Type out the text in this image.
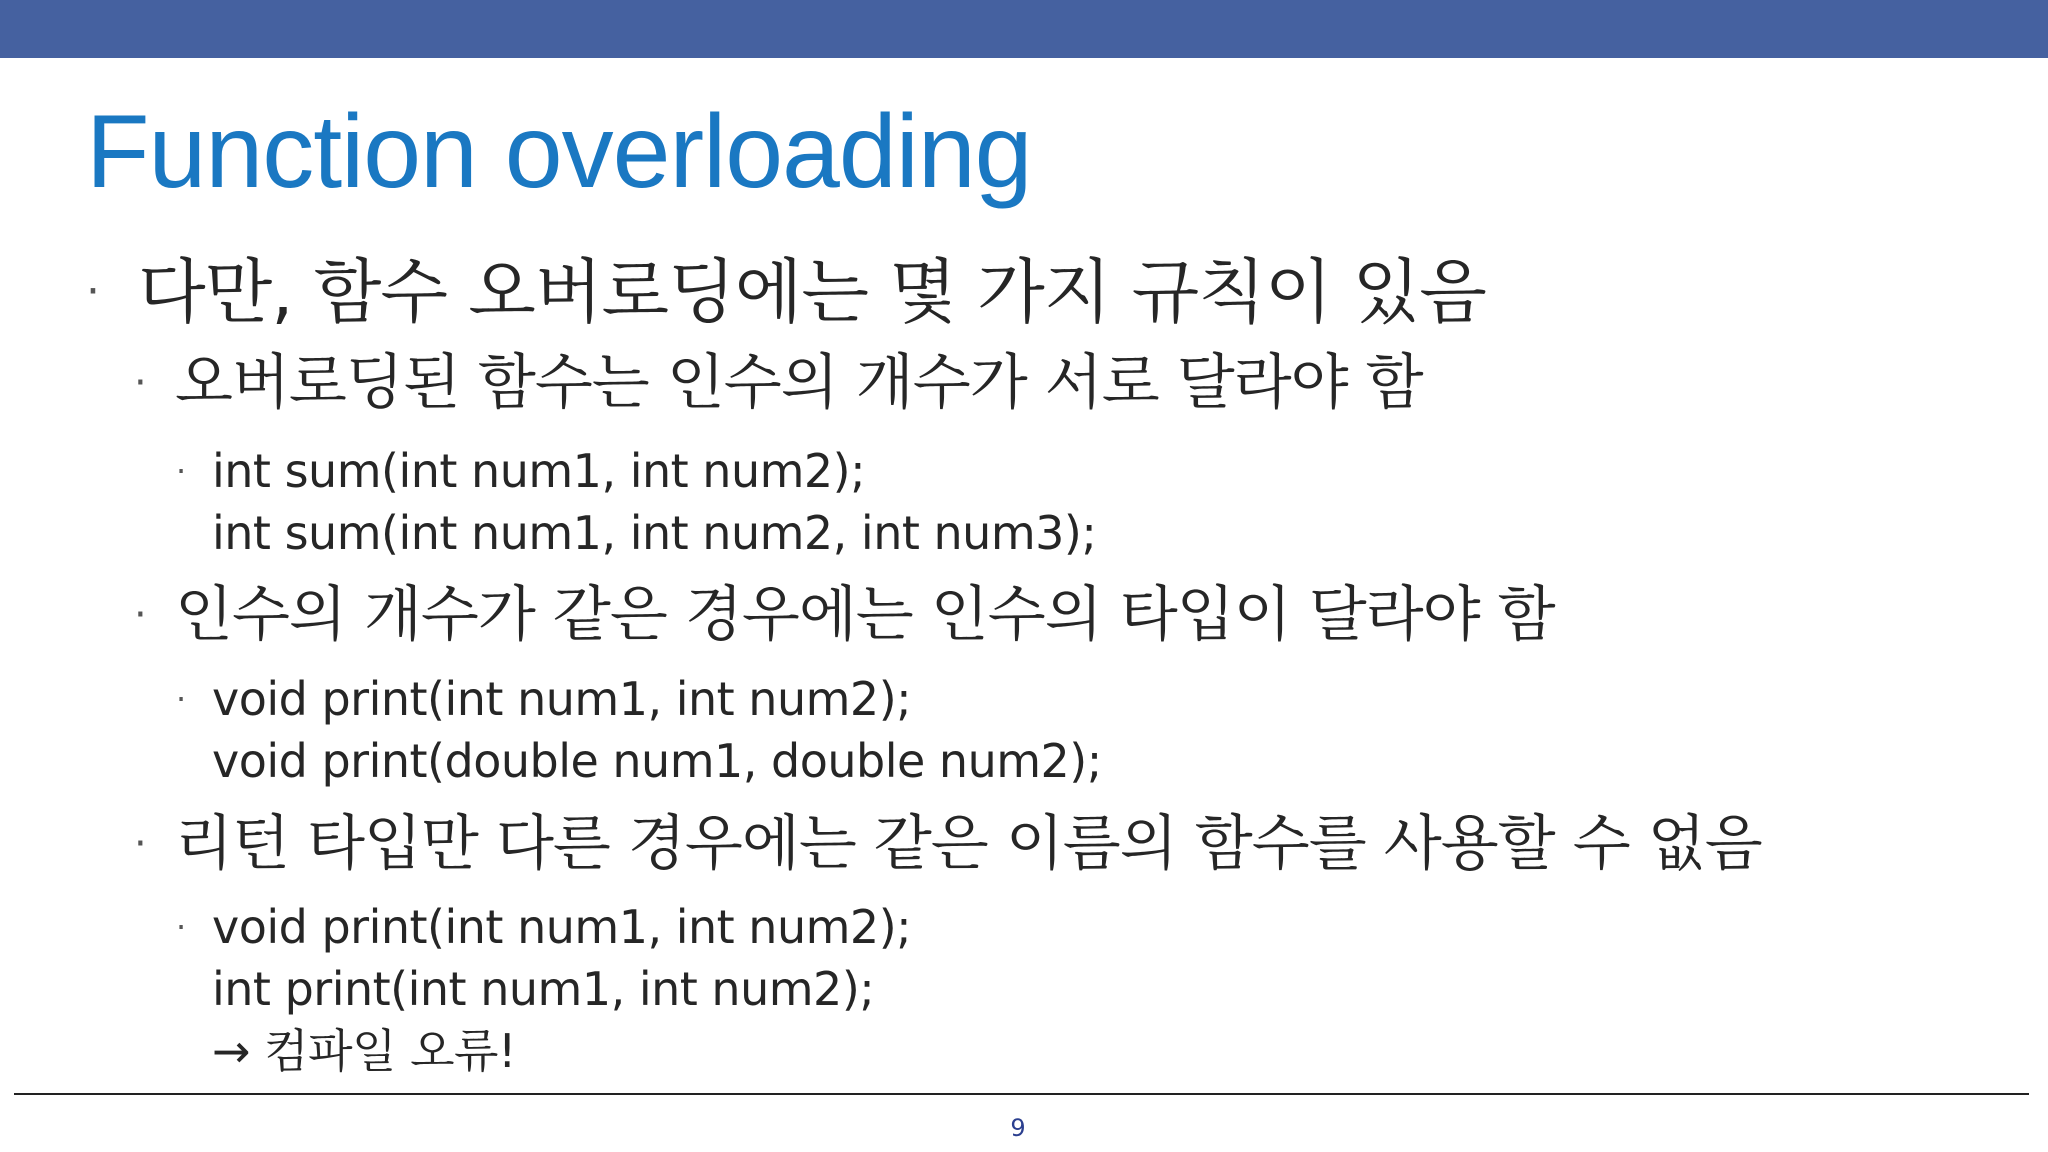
Function overloading
· 다만, 함수 오버로딩에는 몇 가지 규칙이 있음

· 오버로딩된 함수는 인수의 개수가 서로 달라야 함

· int sum(int num1, int num2);

int sum(int num1, int num2, int num3);

· 인수의 개수가 같은 경우에는 인수의 타입이 달라야 함

· void print(int num1, int num2);

void print(double num1, double num2);

· 리턴 타입만 다른 경우에는 같은 이름의 함수를 사용할 수 없음

· void print(int num1, int num2);

int print(int num1, int num2);

→ 컴파일 오류!

9
